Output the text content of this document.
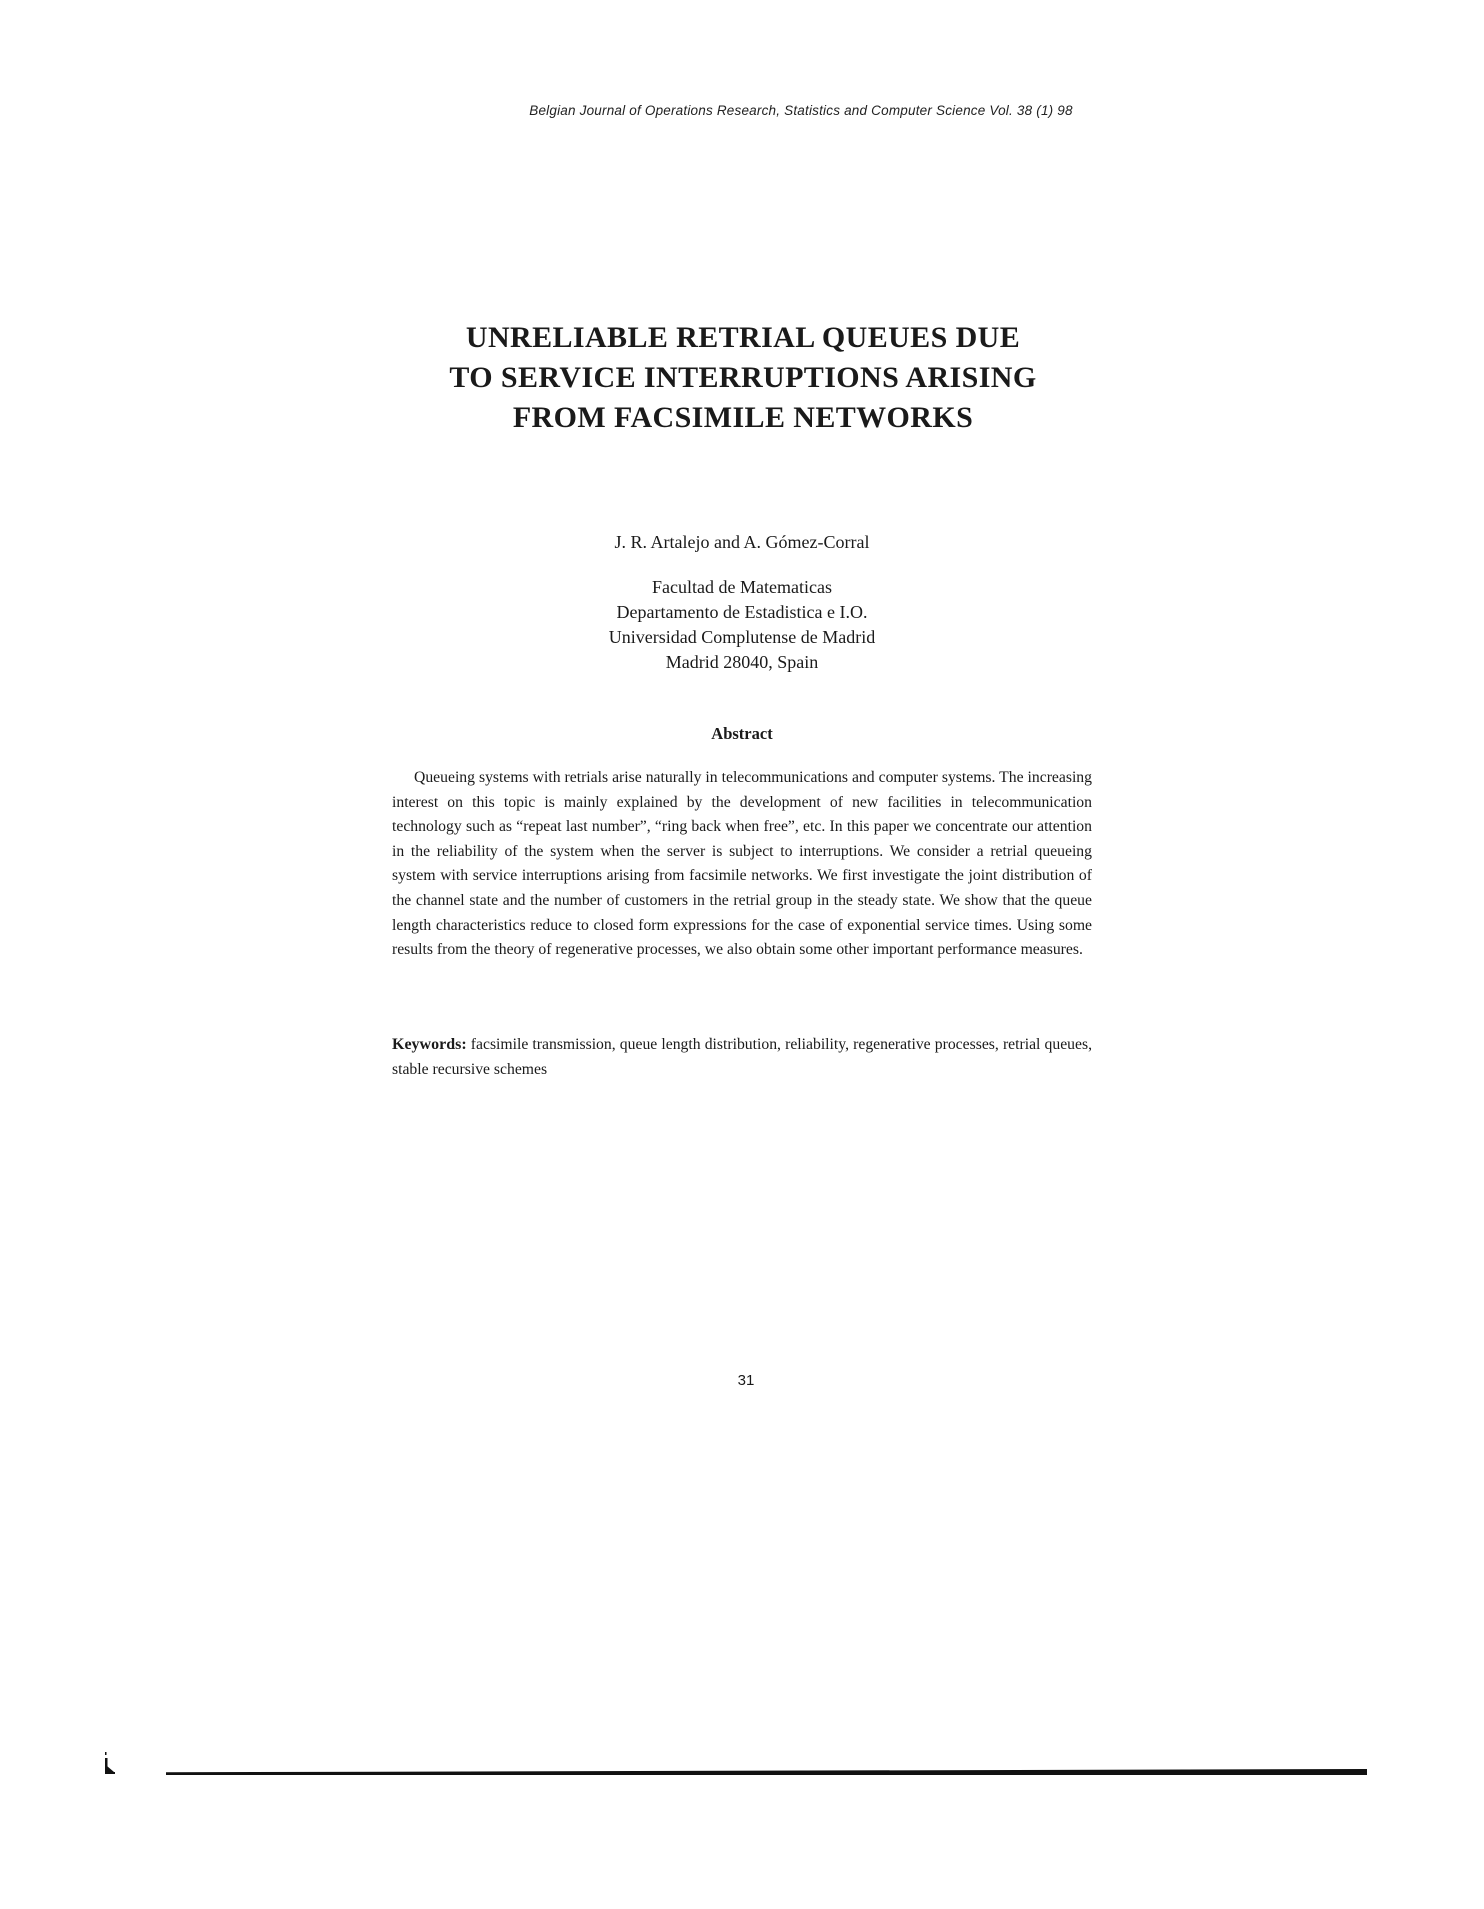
Belgian Journal of Operations Research, Statistics and Computer Science Vol. 38 (1) 98
UNRELIABLE RETRIAL QUEUES DUE
TO SERVICE INTERRUPTIONS ARISING
FROM FACSIMILE NETWORKS
J. R. Artalejo and A. Gómez-Corral
Facultad de Matematicas
Departamento de Estadistica e I.O.
Universidad Complutense de Madrid
Madrid 28040, Spain
Abstract
Queueing systems with retrials arise naturally in telecommunications and computer systems. The increasing interest on this topic is mainly explained by the development of new facilities in telecommunication technology such as “repeat last number”, “ring back when free”, etc. In this paper we concentrate our attention in the reliability of the system when the server is subject to interruptions. We consider a retrial queueing system with service interruptions arising from facsimile networks. We first investigate the joint distribution of the channel state and the number of customers in the retrial group in the steady state. We show that the queue length characteristics reduce to closed form expressions for the case of exponential service times. Using some results from the theory of regenerative processes, we also obtain some other important performance measures.
Keywords: facsimile transmission, queue length distribution, reliability, regenerative processes, retrial queues, stable recursive schemes
31
